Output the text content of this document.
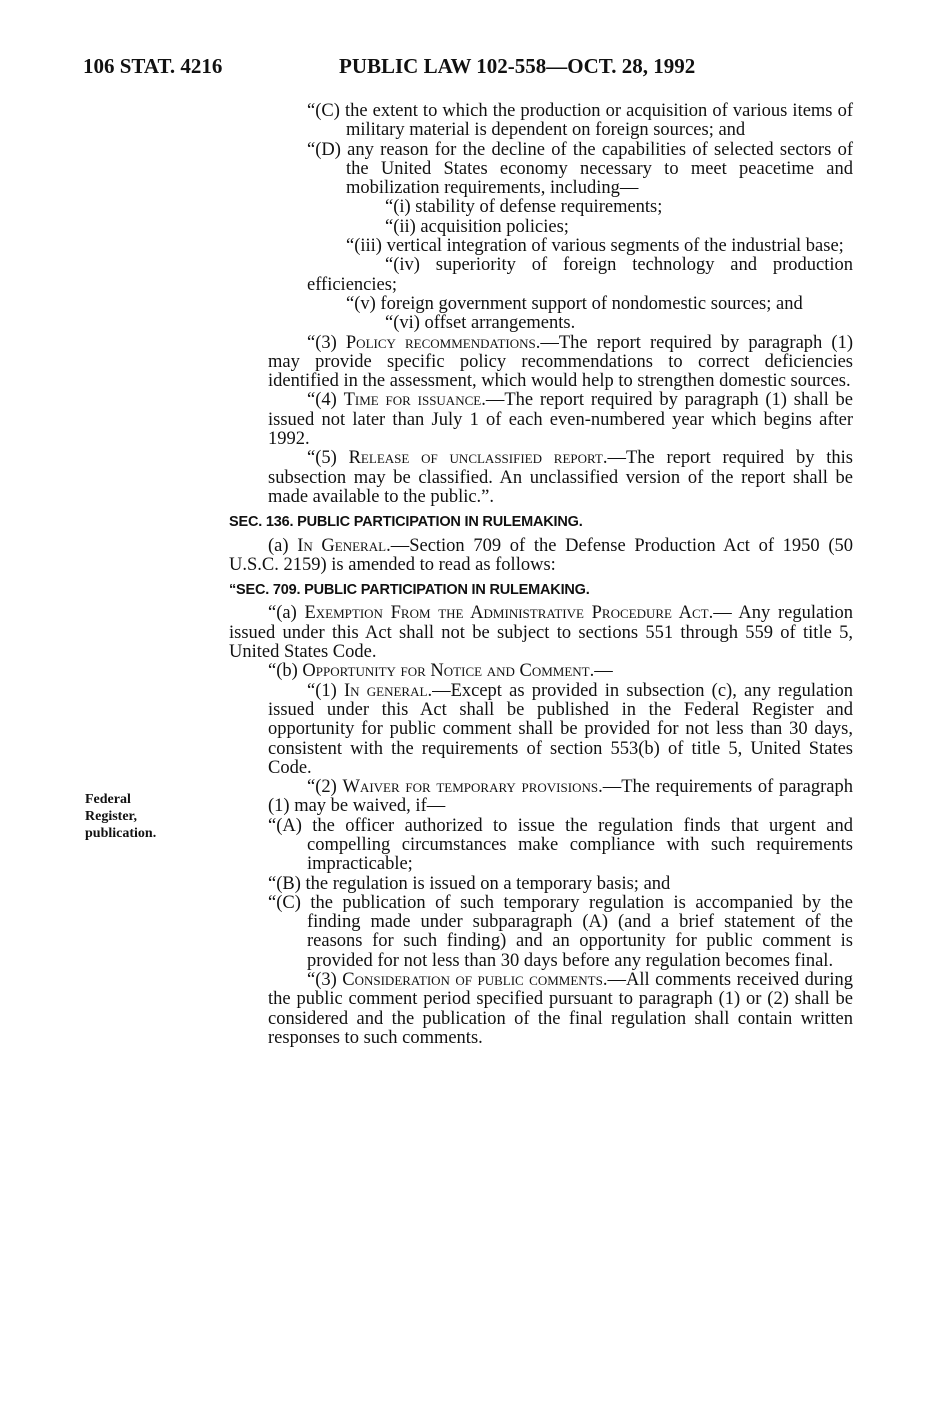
106 STAT. 4216	PUBLIC LAW 102-558—OCT. 28, 1992
Federal
Register,
publication.

“(C) the extent to which the production or acquisition of various items of military material is dependent on foreign sources; and

“(D) any reason for the decline of the capabilities of selected sectors of the United States economy necessary to meet peacetime and mobilization requirements, including—

“(i) stability of defense requirements;

“(ii) acquisition policies;

“(iii) vertical integration of various segments of the industrial base;

“(iv) superiority of foreign technology and production efficiencies;

“(v) foreign government support of nondomestic sources; and

“(vi) offset arrangements.

“(3) Policy recommendations.—The report required by paragraph (1) may provide specific policy recommendations to correct deficiencies identified in the assessment, which would help to strengthen domestic sources.

“(4) Time for issuance.—The report required by paragraph (1) shall be issued not later than July 1 of each even-numbered year which begins after 1992.

“(5) Release of unclassified report.—The report required by this subsection may be classified. An unclassified version of the report shall be made available to the public.”.

SEC. 136. PUBLIC PARTICIPATION IN RULEMAKING.

(a) In General.—Section 709 of the Defense Production Act of 1950 (50 U.S.C. 2159) is amended to read as follows:

“SEC. 709. PUBLIC PARTICIPATION IN RULEMAKING.

“(a) Exemption From the Administrative Procedure Act.— Any regulation issued under this Act shall not be subject to sections 551 through 559 of title 5, United States Code.

“(b) Opportunity for Notice and Comment.—

“(1) In general.—Except as provided in subsection (c), any regulation issued under this Act shall be published in the Federal Register and opportunity for public comment shall be provided for not less than 30 days, consistent with the requirements of section 553(b) of title 5, United States Code.

“(2) Waiver for temporary provisions.—The requirements of paragraph (1) may be waived, if—

“(A) the officer authorized to issue the regulation finds that urgent and compelling circumstances make compliance with such requirements impracticable;

“(B) the regulation is issued on a temporary basis; and

“(C) the publication of such temporary regulation is accompanied by the finding made under subparagraph (A) (and a brief statement of the reasons for such finding) and an opportunity for public comment is provided for not less than 30 days before any regulation becomes final.

“(3) Consideration of public comments.—All comments received during the public comment period specified pursuant to paragraph (1) or (2) shall be considered and the publication of the final regulation shall contain written responses to such comments.
